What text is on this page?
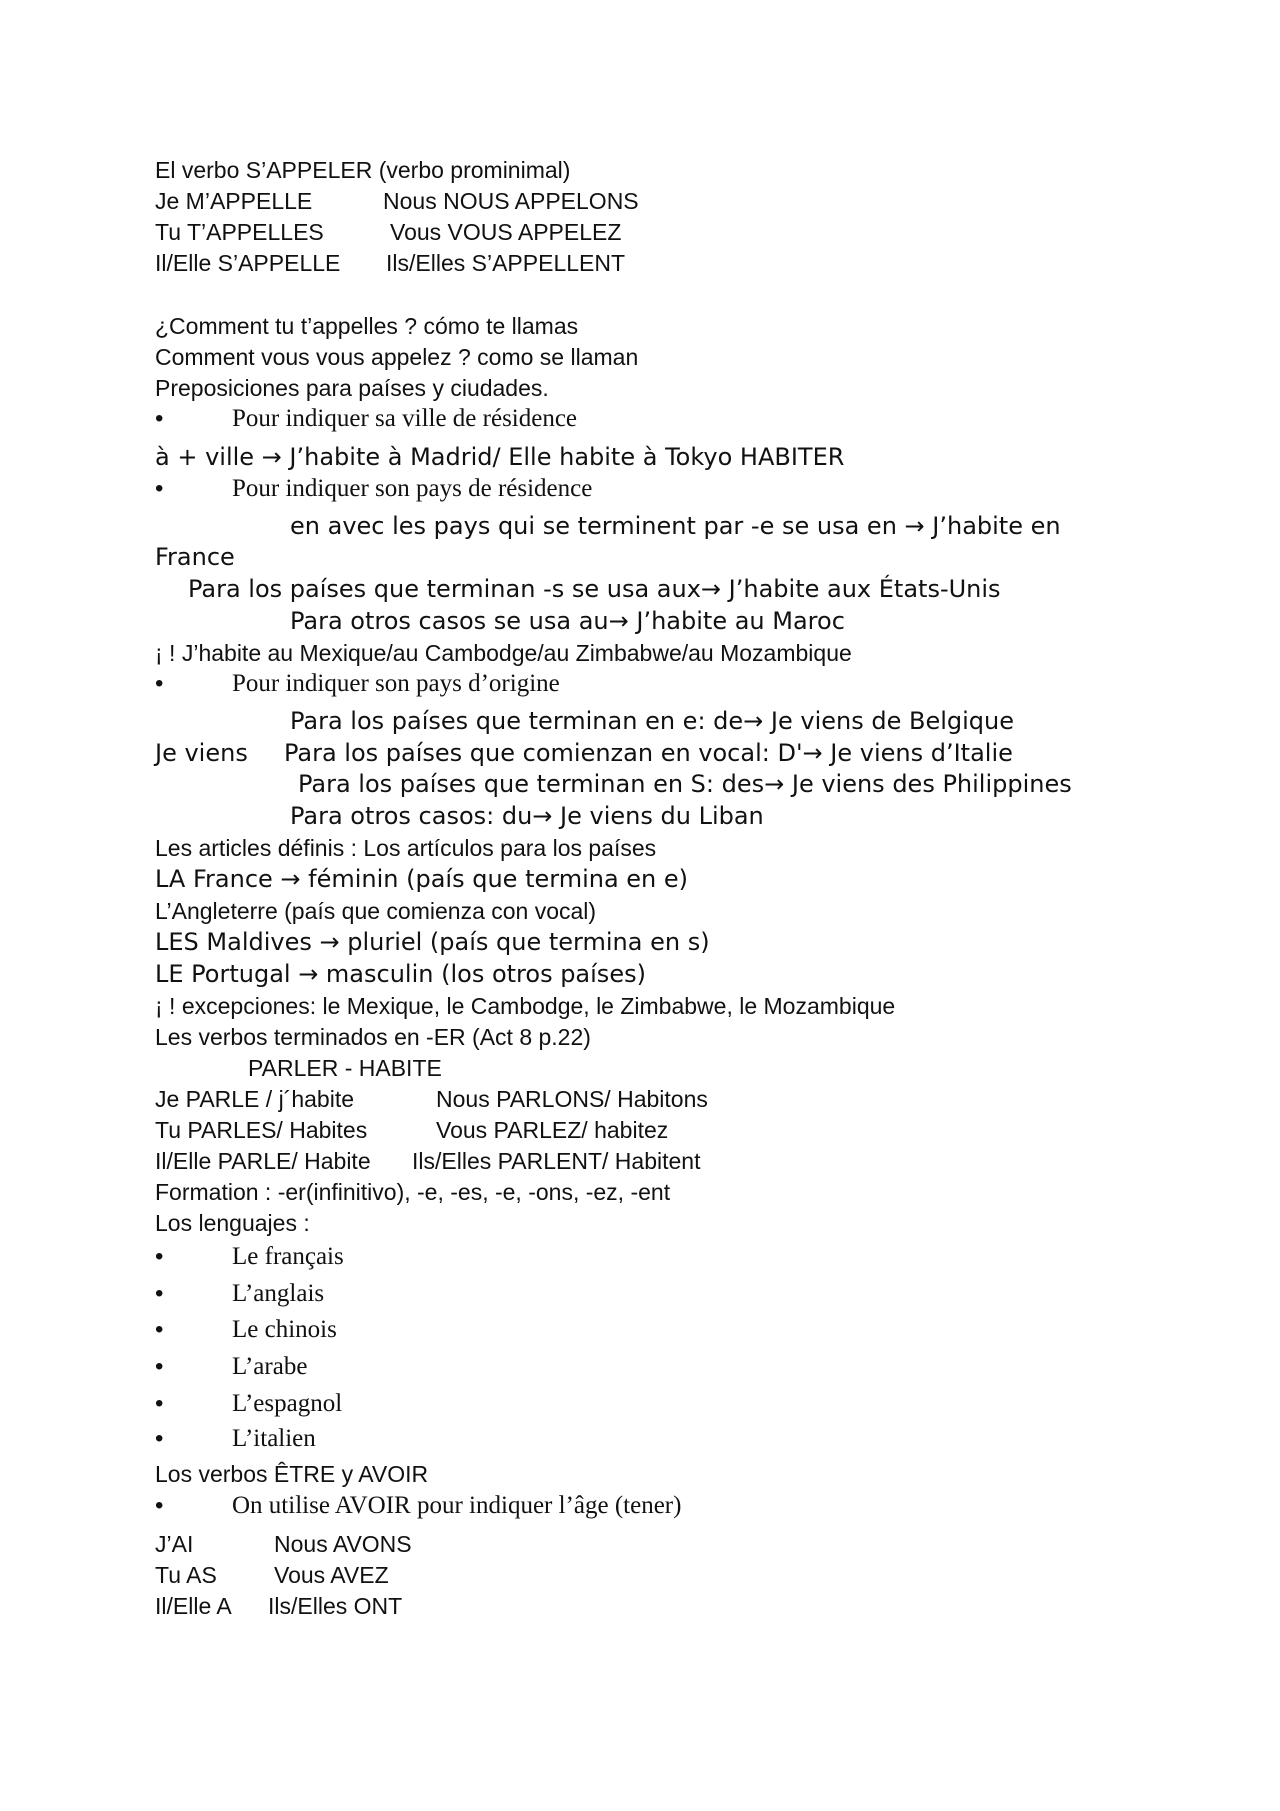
El verbo S’APPELER (verbo prominimal)
Je M’APPELLE	Nous NOUS APPELONS
Tu T’APPELLES	Vous VOUS APPELEZ
Il/Elle S’APPELLE Ils/Elles S’APPELLENT
¿Comment tu t’appelles ? cómo te llamas
Comment vous vous appelez ? como se llaman
Preposiciones para países y ciudades.
•	Pour indiquer sa ville de résidence
à + ville → J’habite à Madrid/ Elle habite à Tokyo HABITER
•	Pour indiquer son pays de résidence
en avec les pays qui se terminent par -e se usa en → J’habite en
France
Para los países que terminan -s se usa aux→ J’habite aux États-Unis
Para otros casos se usa au→ J’habite au Maroc
¡ ! J’habite au Mexique/au Cambodge/au Zimbabwe/au Mozambique
•	Pour indiquer son pays d’origine
Para los países que terminan en e: de→ Je viens de Belgique
Je viens Para los países que comienzan en vocal: D'→ Je viens d’Italie
Para los países que terminan en S: des→ Je viens des Philippines
Para otros casos: du→ Je viens du Liban
Les articles définis : Los artículos para los países
LA France → féminin (país que termina en e)
L’Angleterre (país que comienza con vocal)
LES Maldives → pluriel (país que termina en s)
LE Portugal → masculin (los otros países)
¡ ! excepciones: le Mexique, le Cambodge, le Zimbabwe, le Mozambique
Les verbos terminados en -ER (Act 8 p.22)
PARLER - HABITE
Je PARLE / j´habite	Nous PARLONS/ Habitons
Tu PARLES/ Habites	Vous PARLEZ/ habitez
Il/Elle PARLE/ Habite Ils/Elles PARLENT/ Habitent
Formation : -er(infinitivo), -e, -es, -e, -ons, -ez, -ent
Los lenguajes :
•	Le français
•	L’anglais
•	Le chinois
•	L’arabe
•	L’espagnol
•	L’italien
Los verbos ÊTRE y AVOIR
•	On utilise AVOIR pour indiquer l’âge (tener)
J’AI	Nous AVONS
Tu AS Vous AVEZ
Il/Elle A Ils/Elles ONT
